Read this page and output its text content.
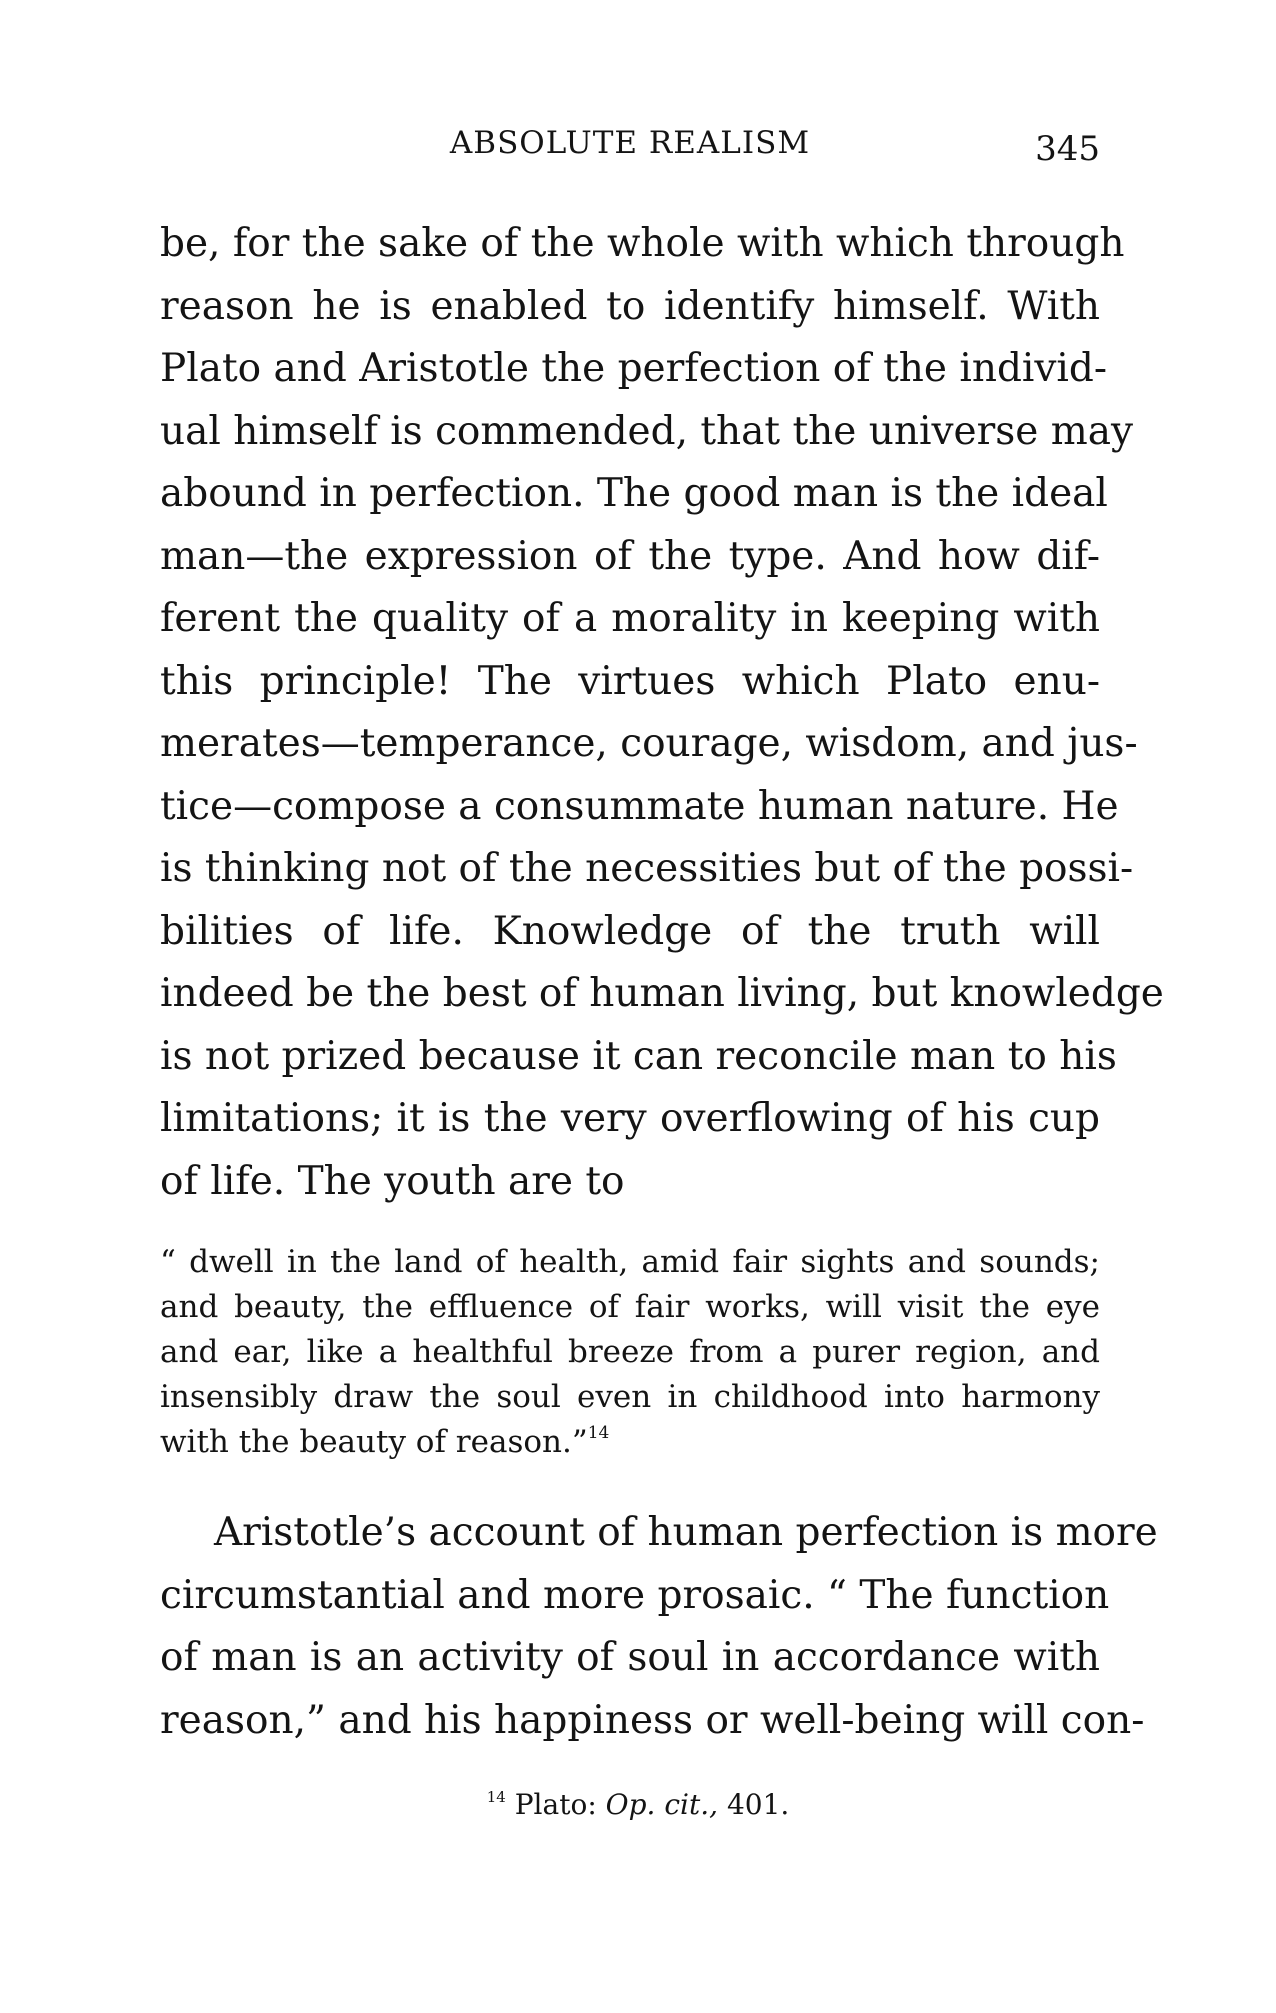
ABSOLUTE REALISM	345
be, for the sake of the whole with which through
reason he is enabled to identify himself. With
Plato and Aristotle the perfection of the individ-
ual himself is commended, that the universe may
abound in perfection. The good man is the ideal
man—the expression of the type. And how dif-
ferent the quality of a morality in keeping with
this principle! The virtues which Plato enu-
merates—temperance, courage, wisdom, and jus-
tice—compose a consummate human nature. He
is thinking not of the necessities but of the possi-
bilities of life. Knowledge of the truth will
indeed be the best of human living, but knowledge
is not prized because it can reconcile man to his
limitations; it is the very overflowing of his cup
of life. The youth are to
“ dwell in the land of health, amid fair sights and sounds;
and beauty, the effluence of fair works, will visit the eye
and ear, like a healthful breeze from a purer region, and
insensibly draw the soul even in childhood into harmony
with the beauty of reason.”$^{14}$
Aristotle’s account of human perfection is more
circumstantial and more prosaic. “ The function
of man is an activity of soul in accordance with
reason,” and his happiness or well-being will con-
$^{14}$ Plato: Op. cit., 401.
